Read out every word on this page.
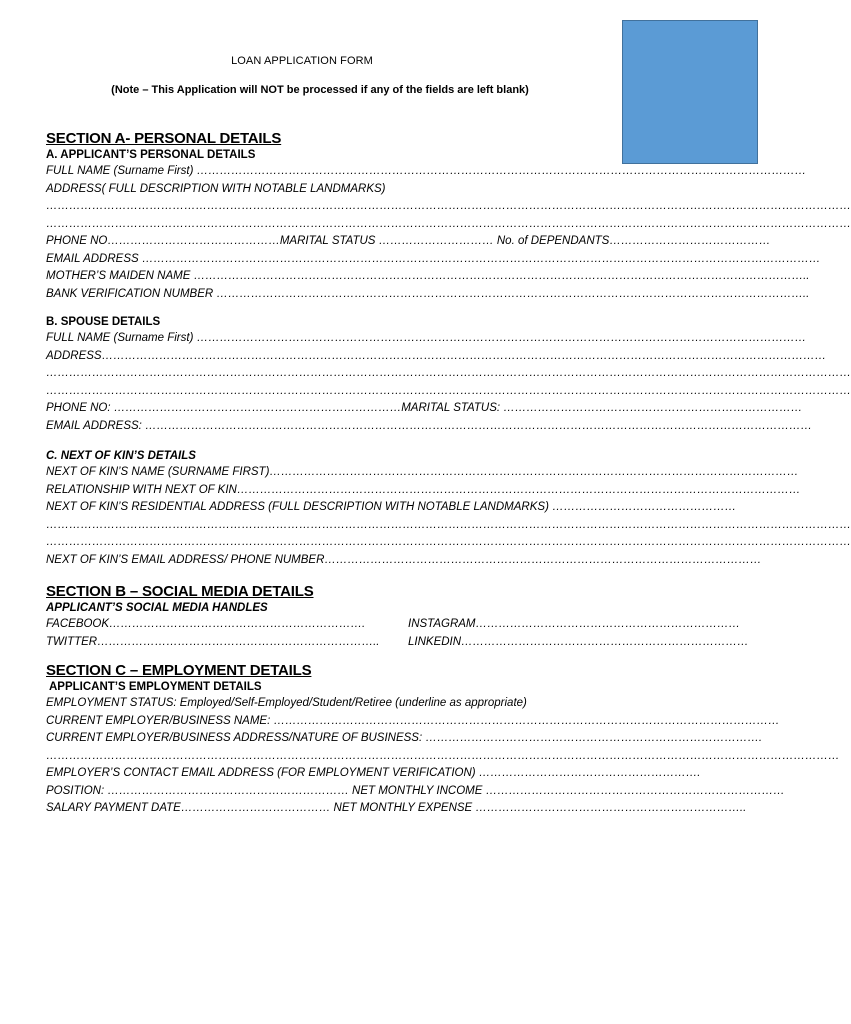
LOAN APPLICATION FORM
(Note – This Application will NOT be processed if any of the fields are left blank)
SECTION A- PERSONAL DETAILS
A. APPLICANT’S PERSONAL DETAILS
FULL NAME (Surname First) ……………………………………………………………………………………………………………………………………………
ADDRESS( FULL DESCRIPTION WITH NOTABLE LANDMARKS)
…………………………………………………………………………………………………………………………………………………………………………………………
…………………………………………………………………………………………………………………………………………………………………………………………
PHONE NO………………………………………MARITAL STATUS ………………………… No. of DEPENDANTS……………………………………
EMAIL ADDRESS ……………………………………………………………………………………………………………………………………………………………
MOTHER’S MAIDEN NAME ……………………………………………………………………………………………………………………………………………..
BANK VERIFICATION NUMBER ………………………………………………………………………………………………………………………………………..
B. SPOUSE DETAILS
FULL NAME (Surname First) ……………………………………………………………………………………………………………………………………………
ADDRESS………………………………………………………………………………………………………………………………………………………………………
…………………………………………………………………………………………………………………………………………………………………………………………
…………………………………………………………………………………………………………………………………………………………………………………………
PHONE NO: …………………………………………………………………MARITAL STATUS: ……………………………………………………………………
EMAIL ADDRESS: …………………………………………………………………………………………………………………………………………………………
C. NEXT OF KIN’S DETAILS
NEXT OF KIN’S NAME (SURNAME FIRST)…………………………………………………………………………………………………………………………
RELATIONSHIP WITH NEXT OF KIN…………………………………………………………………………………………………………………………………
NEXT OF KIN’S RESIDENTIAL ADDRESS (FULL DESCRIPTION WITH NOTABLE LANDMARKS) …………………………………………
…………………………………………………………………………………………………………………………………………………………………………………………
…………………………………………………………………………………………………………………………………………………………………………………………
NEXT OF KIN’S EMAIL ADDRESS/ PHONE NUMBER……………………………………………………………………………………………………
SECTION B – SOCIAL MEDIA DETAILS
APPLICANT’S SOCIAL MEDIA HANDLES
FACEBOOK………………………………………………………….
TWITTER………………………………………………………………..
INSTAGRAM……………………………………………………………
LINKEDIN…………………………………………………………………
SECTION C – EMPLOYMENT DETAILS
APPLICANT’S EMPLOYMENT DETAILS
EMPLOYMENT STATUS: Employed/Self-Employed/Student/Retiree (underline as appropriate)
CURRENT EMPLOYER/BUSINESS NAME: ……………………………………………………………………………………………………………………
CURRENT EMPLOYER/BUSINESS ADDRESS/NATURE OF BUSINESS: …………………………………………………………………………….
………………………………………………………………………………………………………………………………………………………………………………………
EMPLOYER’S CONTACT EMAIL ADDRESS (FOR EMPLOYMENT VERIFICATION) ………………………………………………….
POSITION: ……………………………………………………… NET MONTHLY INCOME ……………………………………………………………………
SALARY PAYMENT DATE………………………………… NET MONTHLY EXPENSE ……………………………………………………………..
